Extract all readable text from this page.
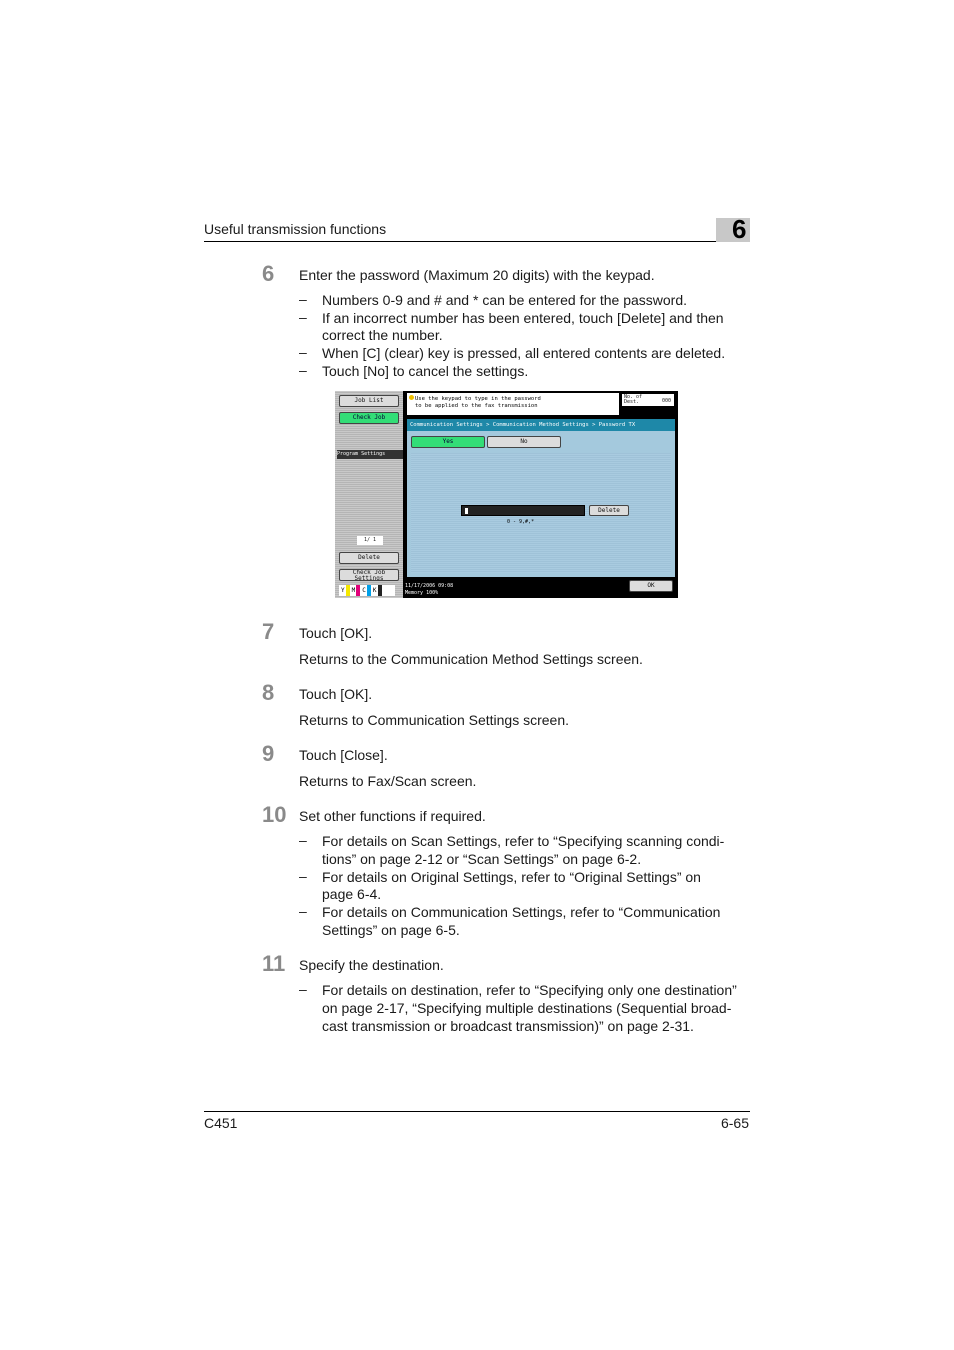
Useful transmission functions	6
6 Enter the password (Maximum 20 digits) with the keypad.
– Numbers 0-9 and # and * can be entered for the password.
– If an incorrect number has been entered, touch [Delete] and then
correct the number.
– When [C] (clear) key is pressed, all entered contents are deleted.
– Touch [No] to cancel the settings.
Job List
Check Job
Program Settings
1/ 1
Delete
Check Job Settings
Y	M	C	K
Use the keypad to type in the password
to be applied to the fax transmission
No. of Dest.	000
Communication Settings > Communication Method Settings > Password TX
Yes	No
Delete
0 - 9,#,*
11/17/2006 09:08
Memory 100%
OK
7 Touch [OK].
Returns to the Communication Method Settings screen.
8 Touch [OK].
Returns to Communication Settings screen.
9 Touch [Close].
Returns to Fax/Scan screen.
10 Set other functions if required.
– For details on Scan Settings, refer to “Specifying scanning condi-
tions” on page 2-12 or “Scan Settings” on page 6-2.
– For details on Original Settings, refer to “Original Settings” on
page 6-4.
– For details on Communication Settings, refer to “Communication
Settings” on page 6-5.
11 Specify the destination.
– For details on destination, refer to “Specifying only one destination”
on page 2-17, “Specifying multiple destinations (Sequential broad-
cast transmission or broadcast transmission)” on page 2-31.
C451	6-65
